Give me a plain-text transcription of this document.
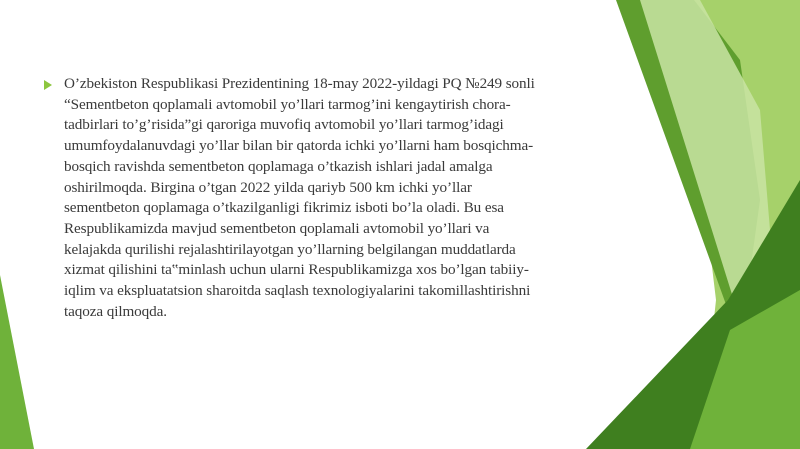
O’zbekiston Respublikasi Prezidentining 18-may 2022-yildagi PQ №249 sonli
“Sementbeton qoplamali avtomobil yo’llari tarmog’ini kengaytirish chora-
tadbirlari to’g’risida”gi qaroriga muvofiq avtomobil yo’llari tarmog’idagi
umumfoydalanuvdagi yo’llar bilan bir qatorda ichki yo’llarni ham bosqichma-
bosqich ravishda sementbeton qoplamaga o’tkazish ishlari jadal amalga
oshirilmoqda. Birgina o’tgan 2022 yilda qariyb 500 km ichki yo’llar
sementbeton qoplamaga o’tkazilganligi fikrimiz isboti bo’la oladi. Bu esa
Respublikamizda mavjud sementbeton qoplamali avtomobil yo’llari va
kelajakda qurilishi rejalashtirilayotgan yo’llarning belgilangan muddatlarda
xizmat qilishini ta‟minlash uchun ularni Respublikamizga xos bo’lgan tabiiy-
iqlim va ekspluatatsion sharoitda saqlash texnologiyalarini takomillashtirishni
taqoza qilmoqda.
